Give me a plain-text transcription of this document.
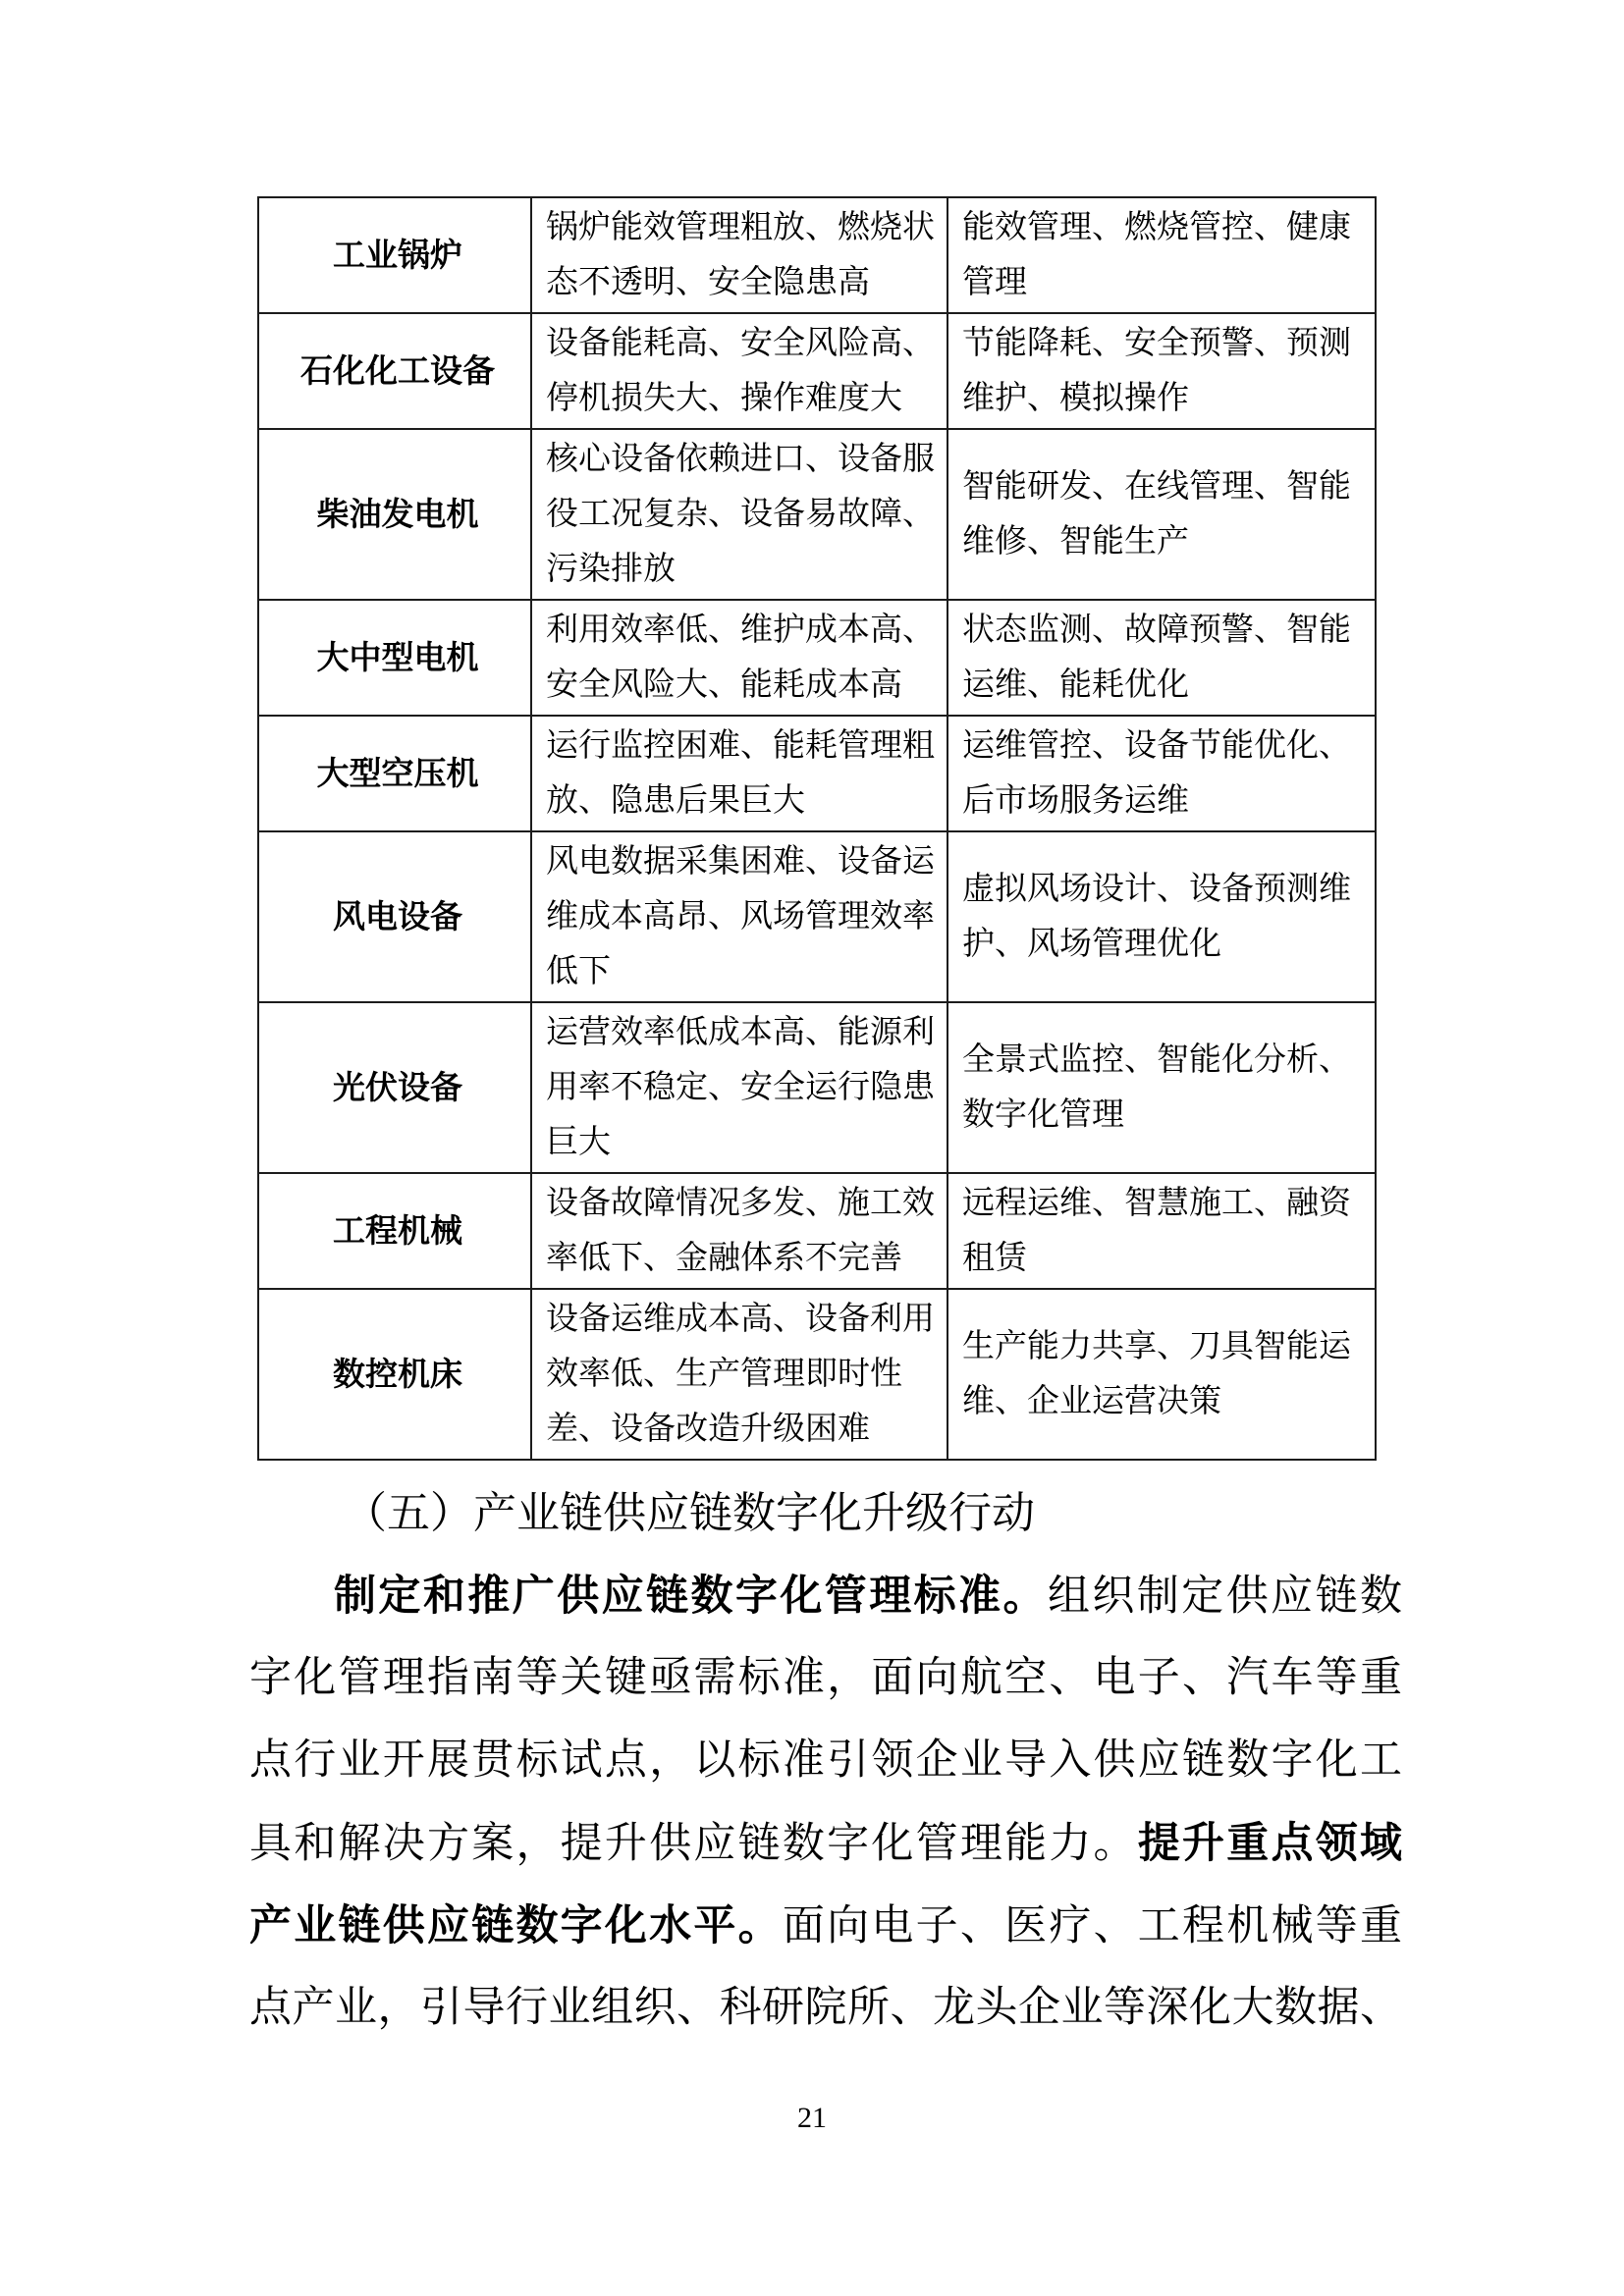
工业锅炉	锅炉能效管理粗放、燃烧状态不透明、安全隐患高	能效管理、燃烧管控、健康管理
石化化工设备	设备能耗高、安全风险高、停机损失大、操作难度大	节能降耗、安全预警、预测维护、模拟操作
柴油发电机	核心设备依赖进口、设备服役工况复杂、设备易故障、污染排放	智能研发、在线管理、智能维修、智能生产
大中型电机	利用效率低、维护成本高、安全风险大、能耗成本高	状态监测、故障预警、智能运维、能耗优化
大型空压机	运行监控困难、能耗管理粗放、隐患后果巨大	运维管控、设备节能优化、后市场服务运维
风电设备	风电数据采集困难、设备运维成本高昂、风场管理效率低下	虚拟风场设计、设备预测维护、风场管理优化
光伏设备	运营效率低成本高、能源利用率不稳定、安全运行隐患巨大	全景式监控、智能化分析、数字化管理
工程机械	设备故障情况多发、施工效率低下、金融体系不完善	远程运维、智慧施工、融资租赁
数控机床	设备运维成本高、设备利用效率低、生产管理即时性差、设备改造升级困难	生产能力共享、刀具智能运维、企业运营决策
（五）产业链供应链数字化升级行动
制定和推广供应链数字化管理标准。组织制定供应链数
字化管理指南等关键亟需标准，面向航空、电子、汽车等重
点行业开展贯标试点，以标准引领企业导入供应链数字化工
具和解决方案，提升供应链数字化管理能力。提升重点领域
产业链供应链数字化水平。面向电子、医疗、工程机械等重
点产业，引导行业组织、科研院所、龙头企业等深化大数据、
21
